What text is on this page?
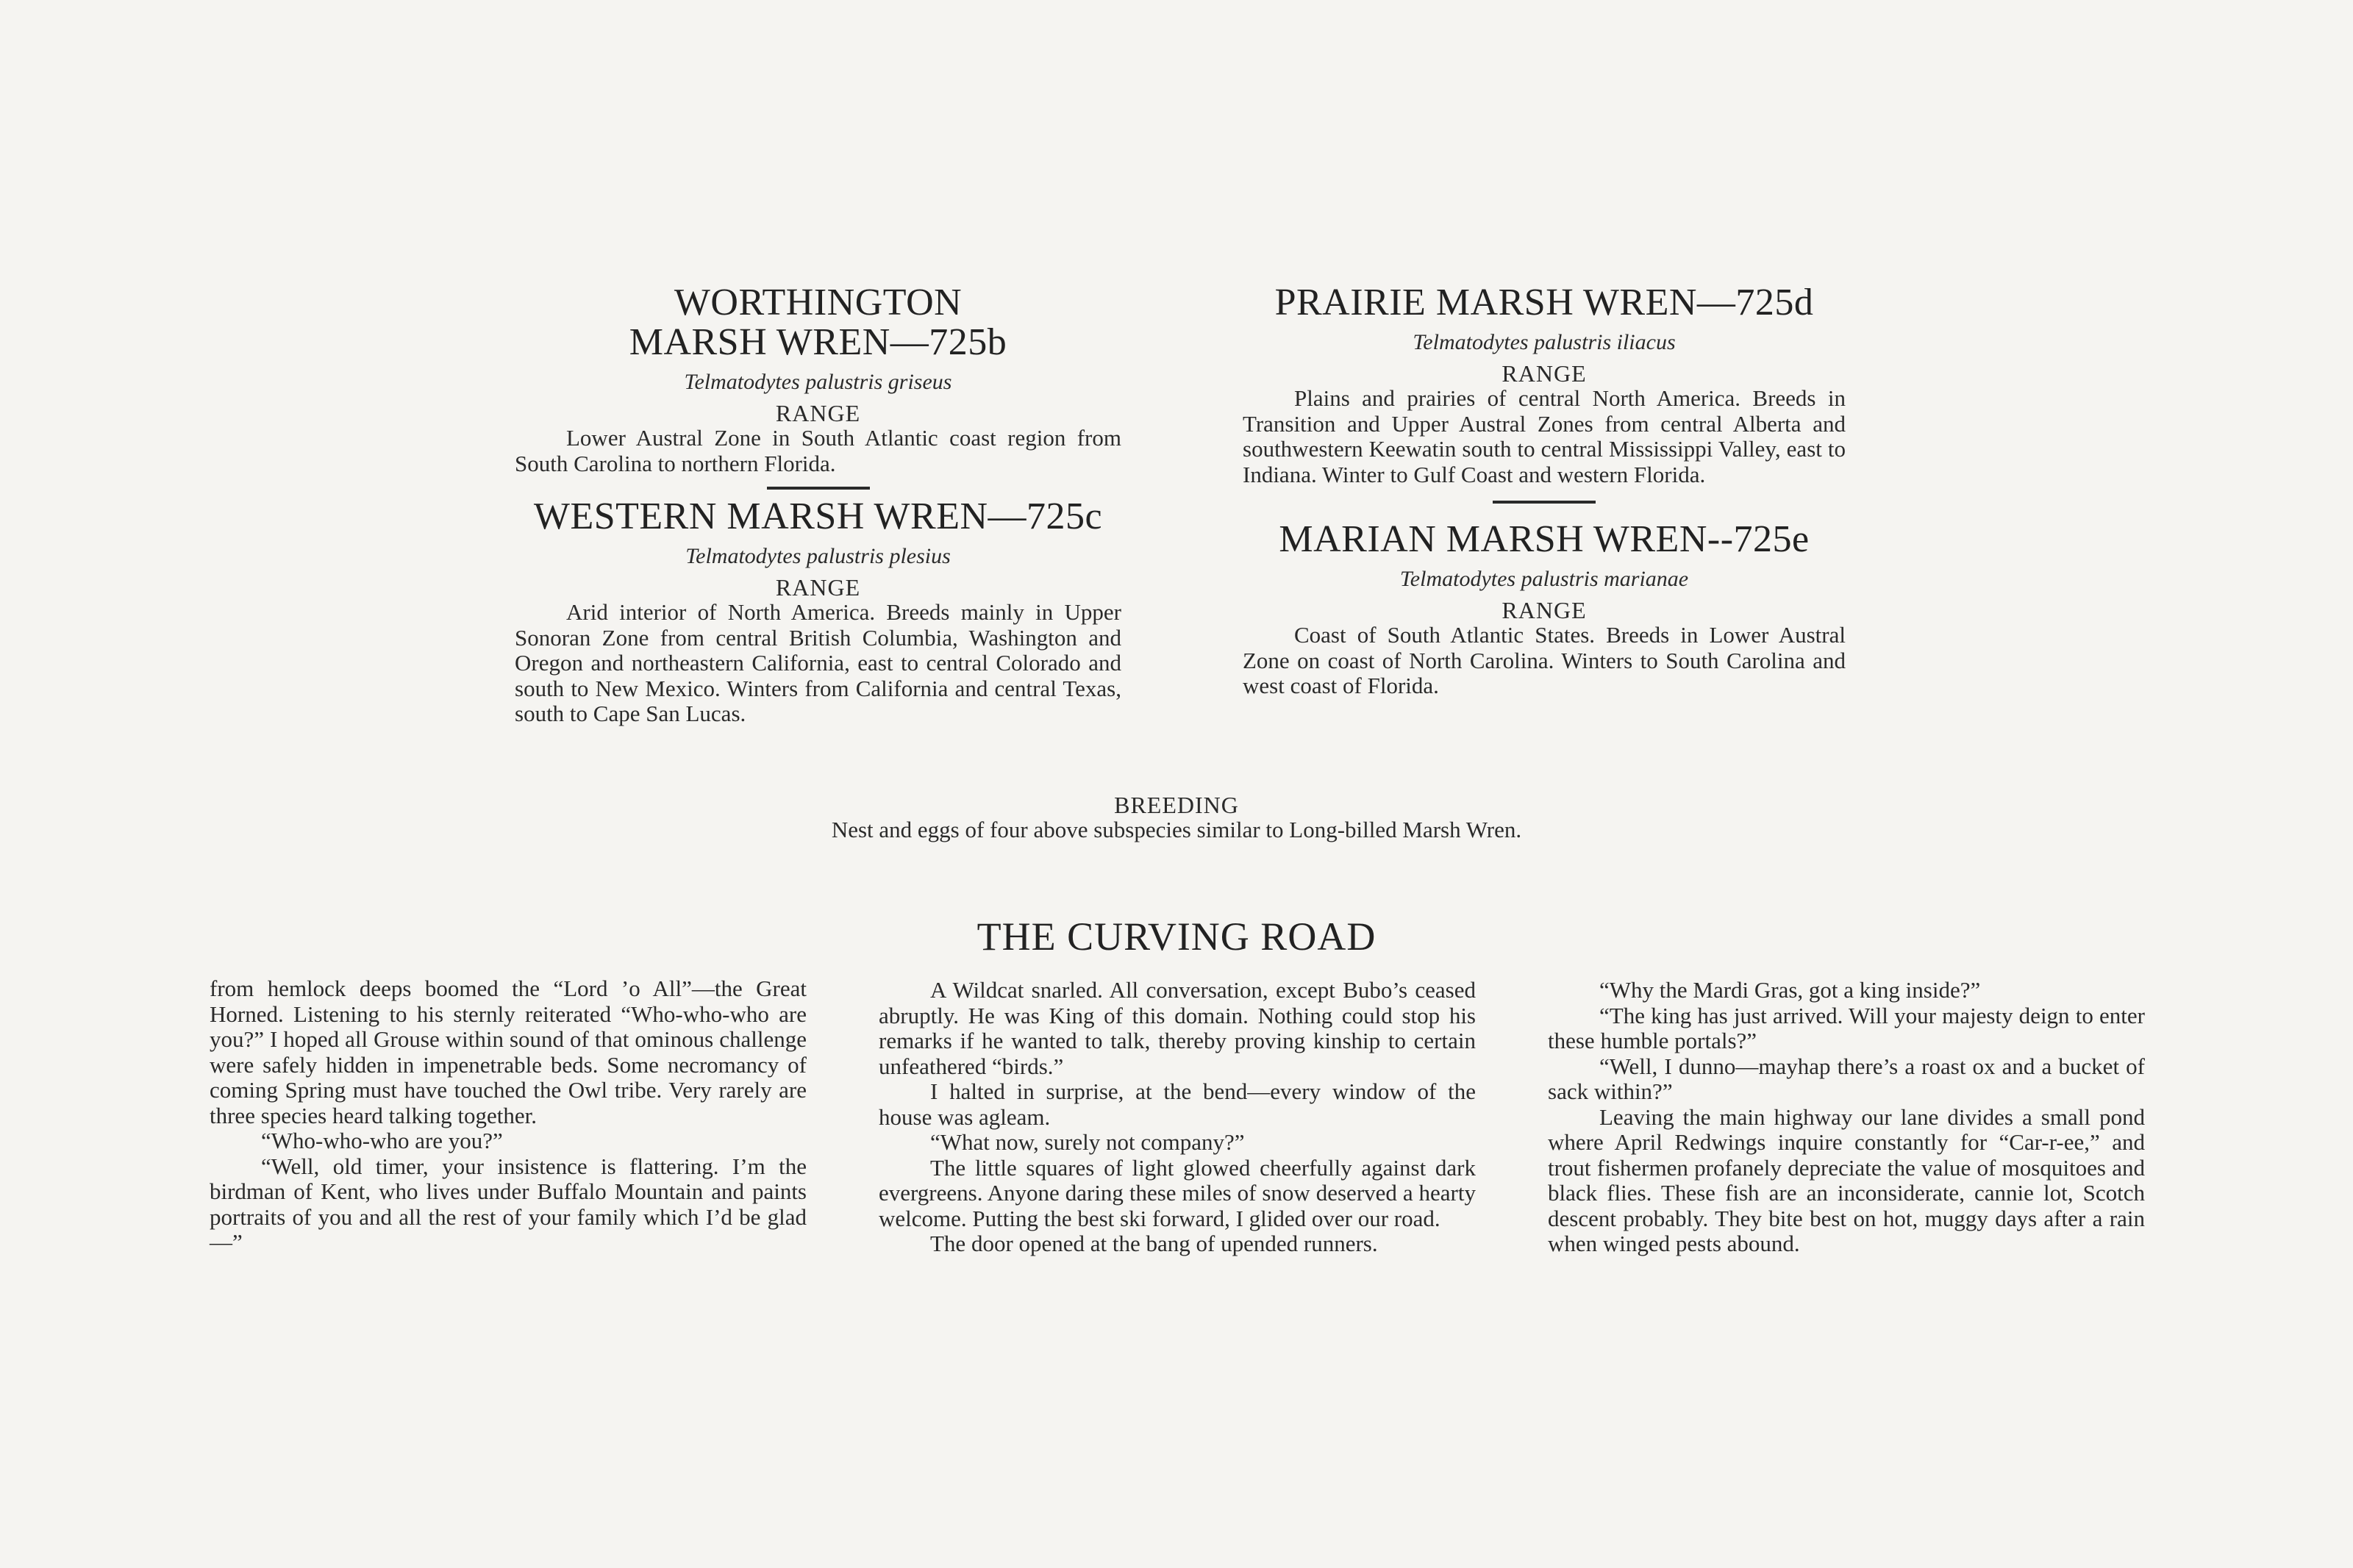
WORTHINGTON
MARSH WREN—725b
Telmatodytes palustris griseus
RANGE
Lower Austral Zone in South Atlantic coast region from South Carolina to northern Florida.
WESTERN MARSH WREN—725c
Telmatodytes palustris plesius
RANGE
Arid interior of North America. Breeds mainly in Upper Sonoran Zone from central British Columbia, Washington and Oregon and northeastern California, east to central Colorado and south to New Mexico. Winters from California and central Texas, south to Cape San Lucas.
PRAIRIE MARSH WREN—725d
Telmatodytes palustris iliacus
RANGE
Plains and prairies of central North America. Breeds in Transition and Upper Austral Zones from central Alberta and southwestern Keewatin south to central Mississippi Valley, east to Indiana. Winter to Gulf Coast and western Florida.
MARIAN MARSH WREN--725e
Telmatodytes palustris marianae
RANGE
Coast of South Atlantic States. Breeds in Lower Austral Zone on coast of North Carolina. Winters to South Carolina and west coast of Florida.
BREEDING
Nest and eggs of four above subspecies similar to Long-billed Marsh Wren.
THE CURVING ROAD

from hemlock deeps boomed the “Lord ’o All”—the Great Horned. Listening to his sternly reiterated “Who-who-who are you?” I hoped all Grouse within sound of that ominous challenge were safely hidden in impenetrable beds. Some necromancy of coming Spring must have touched the Owl tribe. Very rarely are three species heard talking together.

“Who-who-who are you?”

“Well, old timer, your insistence is flattering. I’m the birdman of Kent, who lives under Buffalo Mountain and paints portraits of you and all the rest of your family which I’d be glad—”

A Wildcat snarled. All conversation, except Bubo’s ceased abruptly. He was King of this domain. Nothing could stop his remarks if he wanted to talk, thereby proving kinship to certain unfeathered “birds.”

I halted in surprise, at the bend—every window of the house was agleam.

“What now, surely not company?”

The little squares of light glowed cheerfully against dark evergreens. Anyone daring these miles of snow deserved a hearty welcome. Putting the best ski forward, I glided over our road.

The door opened at the bang of upended runners.

“Why the Mardi Gras, got a king inside?”

“The king has just arrived. Will your majesty deign to enter these humble portals?”

“Well, I dunno—mayhap there’s a roast ox and a bucket of sack within?”

Leaving the main highway our lane divides a small pond where April Redwings inquire constantly for “Car-r-ee,” and trout fishermen profanely depreciate the value of mosquitoes and black flies. These fish are an inconsiderate, cannie lot, Scotch descent probably. They bite best on hot, muggy days after a rain when winged pests abound.
